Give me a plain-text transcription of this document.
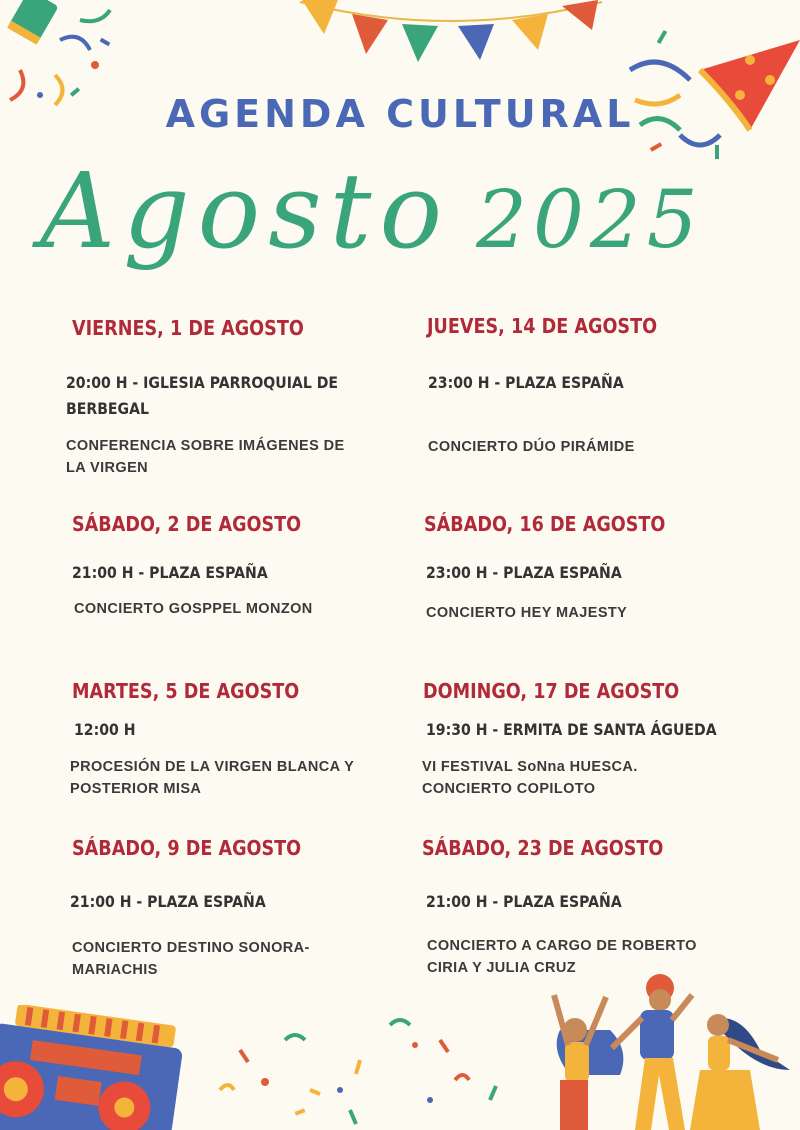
AGENDA CULTURAL
Agosto 2025
VIERNES, 1 DE AGOSTO
20:00 H - IGLESIA PARROQUIAL DE BERBEGAL
CONFERENCIA SOBRE IMÁGENES DE LA VIRGEN
JUEVES, 14 DE AGOSTO
23:00 H - PLAZA ESPAÑA
CONCIERTO DÚO PIRÁMIDE
SÁBADO, 2 DE AGOSTO
21:00 H - PLAZA ESPAÑA
CONCIERTO GOSPPEL MONZON
SÁBADO, 16 DE AGOSTO
23:00 H - PLAZA ESPAÑA
CONCIERTO HEY MAJESTY
MARTES, 5 DE AGOSTO
12:00 H
PROCESIÓN DE LA VIRGEN BLANCA Y POSTERIOR MISA
DOMINGO, 17 DE AGOSTO
19:30 H - ERMITA DE SANTA ÁGUEDA
VI FESTIVAL SoNna HUESCA. CONCIERTO COPILOTO
SÁBADO, 9 DE AGOSTO
21:00 H - PLAZA ESPAÑA
CONCIERTO DESTINO SONORA-MARIACHIS
SÁBADO, 23 DE AGOSTO
21:00 H - PLAZA ESPAÑA
CONCIERTO A CARGO DE ROBERTO CIRIA Y JULIA CRUZ
